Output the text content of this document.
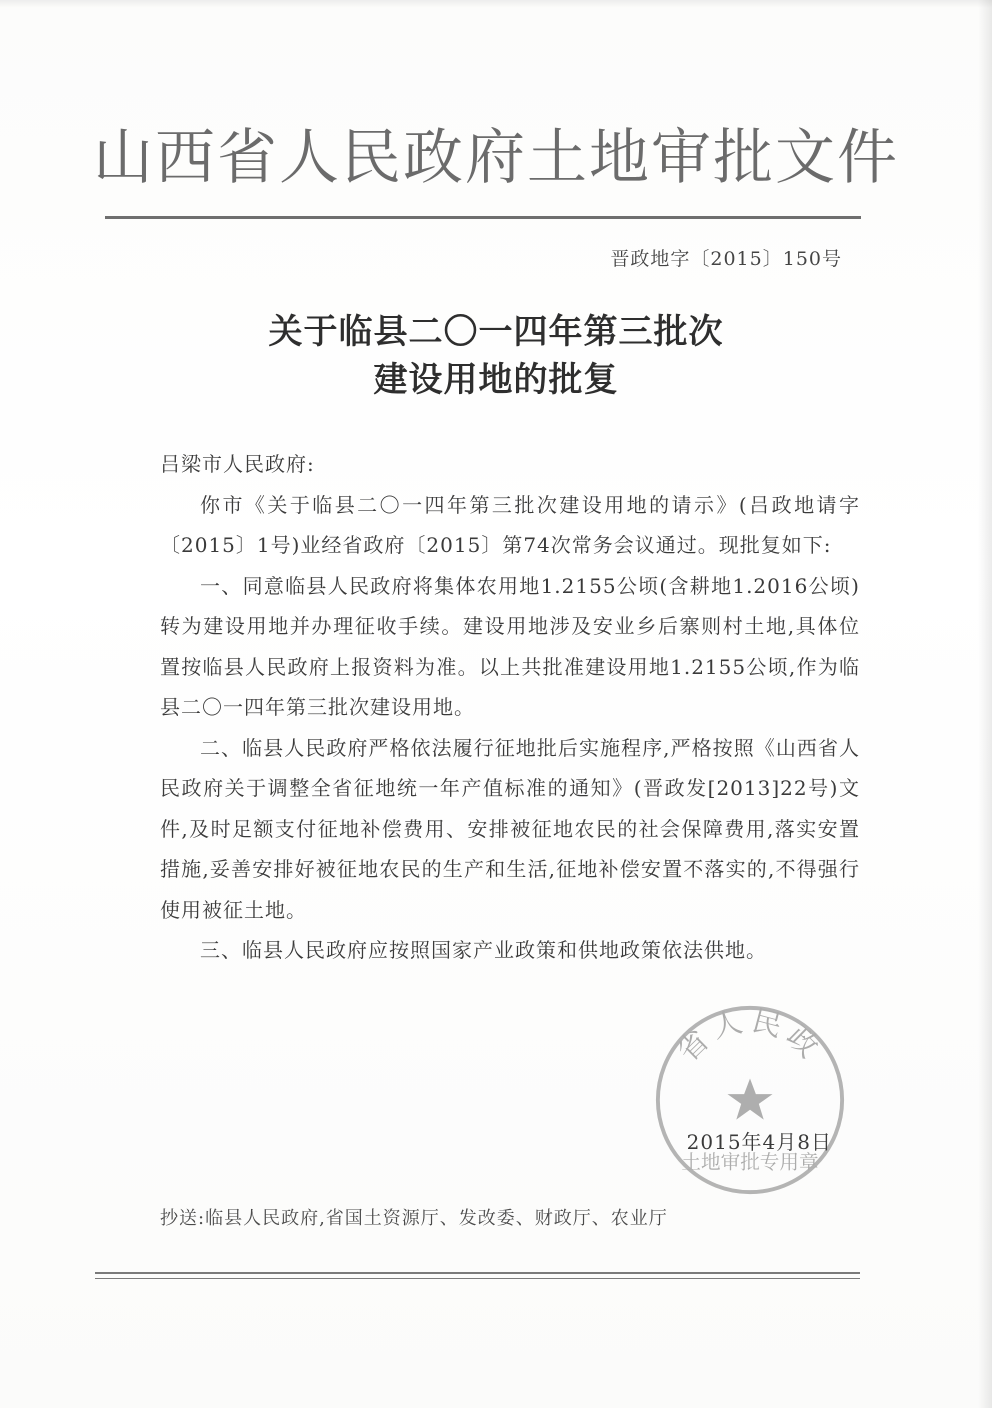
山西省人民政府土地审批文件
晋政地字〔2015〕150号
关于临县二〇一四年第三批次
建设用地的批复

吕梁市人民政府:

你市《关于临县二〇一四年第三批次建设用地的请示》(吕政地请字〔2015〕1号)业经省政府〔2015〕第74次常务会议通过。现批复如下:

一、同意临县人民政府将集体农用地1.2155公顷(含耕地1.2016公顷)转为建设用地并办理征收手续。建设用地涉及安业乡后寨则村土地,具体位置按临县人民政府上报资料为准。以上共批准建设用地1.2155公顷,作为临县二〇一四年第三批次建设用地。

二、临县人民政府严格依法履行征地批后实施程序,严格按照《山西省人民政府关于调整全省征地统一年产值标准的通知》(晋政发[2013]22号)文件,及时足额支付征地补偿费用、安排被征地农民的社会保障费用,落实安置措施,妥善安排好被征地农民的生产和生活,征地补偿安置不落实的,不得强行使用被征土地。

三、临县人民政府应按照国家产业政策和供地政策依法供地。

省人民政
土地审批专用章
2015年4月8日
抄送:临县人民政府,省国土资源厅、发改委、财政厅、农业厅
